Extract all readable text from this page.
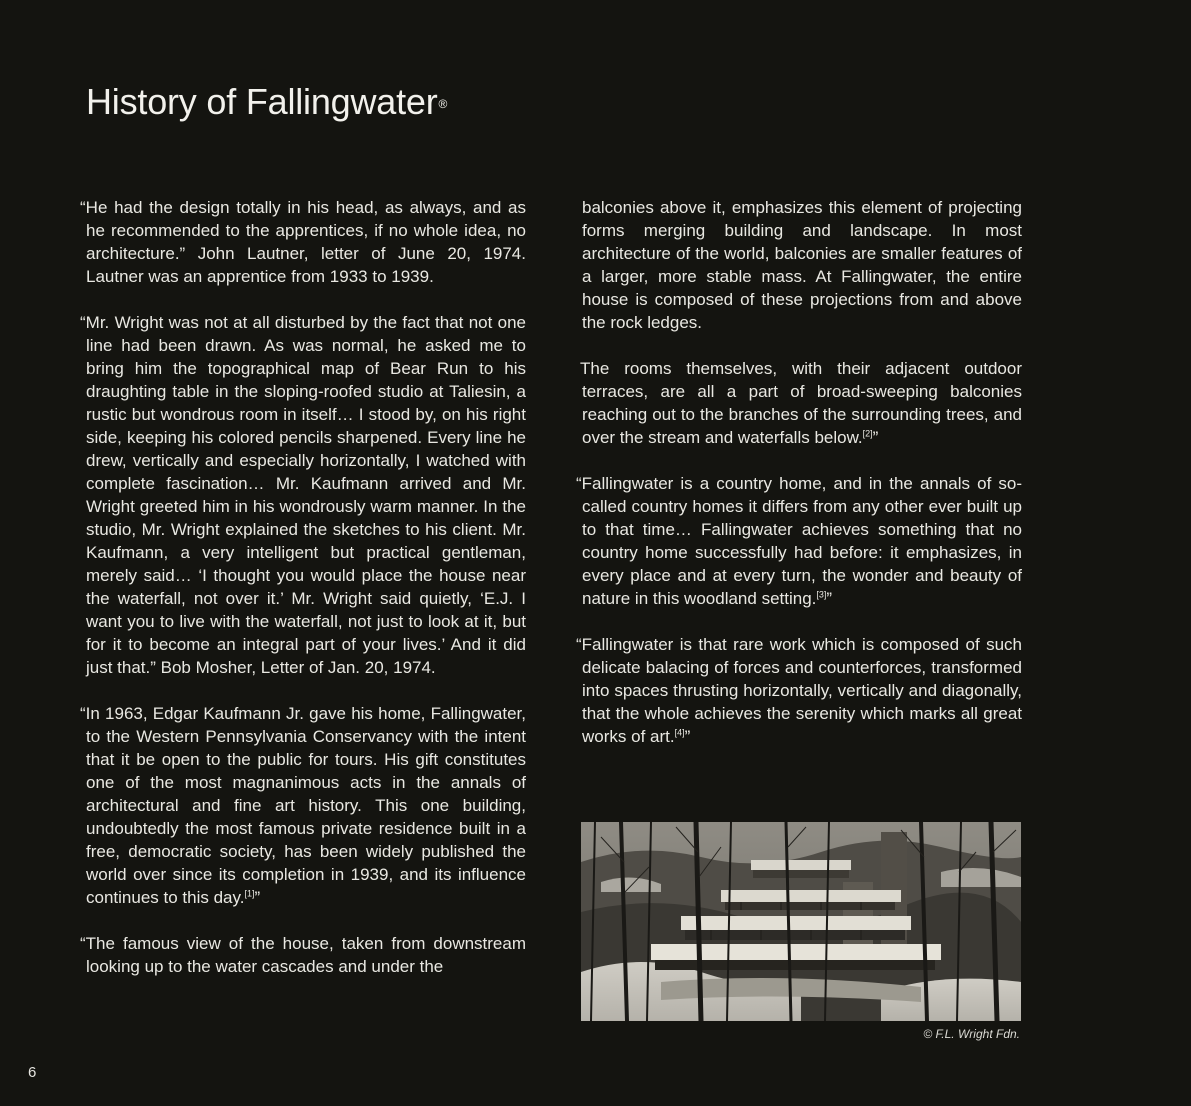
History of Fallingwater®

“He had the design totally in his head, as always, and as he recommended to the apprentices, if no whole idea, no architecture.” John Lautner, letter of June 20, 1974. Lautner was an apprentice from 1933 to 1939.

“Mr. Wright was not at all disturbed by the fact that not one line had been drawn. As was normal, he asked me to bring him the topographical map of Bear Run to his draughting table in the sloping-roofed studio at Taliesin, a rustic but wondrous room in itself… I stood by, on his right side, keeping his colored pencils sharpened. Every line he drew, vertically and especially horizontally, I watched with complete fascination… Mr. Kaufmann arrived and Mr. Wright greeted him in his wondrously warm manner. In the studio, Mr. Wright explained the sketches to his client. Mr. Kaufmann, a very intelligent but practical gentleman, merely said… ‘I thought you would place the house near the waterfall, not over it.’ Mr. Wright said quietly, ‘E.J. I want you to live with the waterfall, not just to look at it, but for it to become an integral part of your lives.’ And it did just that.” Bob Mosher, Letter of Jan. 20, 1974.

“In 1963, Edgar Kaufmann Jr. gave his home, Fallingwater, to the Western Pennsylvania Conservancy with the intent that it be open to the public for tours. His gift constitutes one of the most magnanimous acts in the annals of architectural and fine art history. This one building, undoubtedly the most famous private residence built in a free, democratic society, has been widely published the world over since its completion in 1939, and its influence continues to this day.[1]”

“The famous view of the house, taken from downstream looking up to the water cascades and under the

balconies above it, emphasizes this element of projecting forms merging building and landscape. In most architecture of the world, balconies are smaller features of a larger, more stable mass. At Fallingwater, the entire house is composed of these projections from and above the rock ledges.

The rooms themselves, with their adjacent outdoor terraces, are all a part of broad-sweeping balconies reaching out to the branches of the surrounding trees, and over the stream and waterfalls below.[2]”

“Fallingwater is a country home, and in the annals of so-called country homes it differs from any other ever built up to that time… Fallingwater achieves something that no country home successfully had before: it emphasizes, in every place and at every turn, the wonder and beauty of nature in this woodland setting.[3]”

“Fallingwater is that rare work which is composed of such delicate balacing of forces and counterforces, transformed into spaces thrusting horizontally, vertically and diagonally, that the whole achieves the serenity which marks all great works of art.[4]”

© F.L. Wright Fdn.
6
